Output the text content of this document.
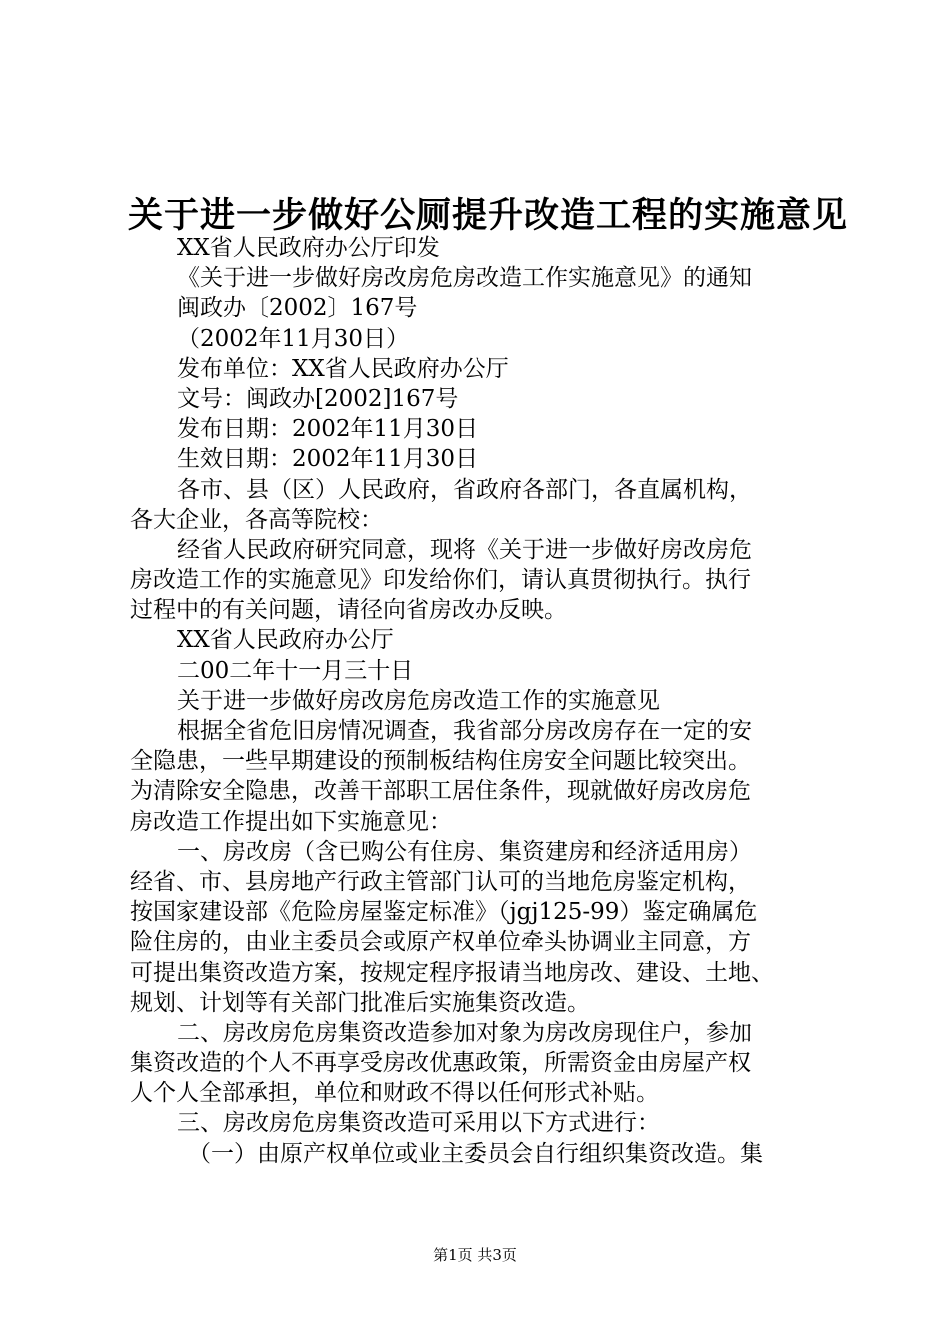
关于进一步做好公厕提升改造工程的实施意见
XX省人民政府办公厅印发
《关于进一步做好房改房危房改造工作实施意见》的通知
闽政办〔2002〕167号
（2002年11月30日）
发布单位：XX省人民政府办公厅
文号：闽政办[2002]167号
发布日期：2002年11月30日
生效日期：2002年11月30日
各市、县（区）人民政府，省政府各部门，各直属机构，
各大企业，各高等院校：
经省人民政府研究同意，现将《关于进一步做好房改房危
房改造工作的实施意见》印发给你们，请认真贯彻执行。执行
过程中的有关问题，请径向省房改办反映。
XX省人民政府办公厅
二00二年十一月三十日
关于进一步做好房改房危房改造工作的实施意见
根据全省危旧房情况调查，我省部分房改房存在一定的安
全隐患，一些早期建设的预制板结构住房安全问题比较突出。
为清除安全隐患，改善干部职工居住条件，现就做好房改房危
房改造工作提出如下实施意见：
一、房改房（含已购公有住房、集资建房和经济适用房）
经省、市、县房地产行政主管部门认可的当地危房鉴定机构，
按国家建设部《危险房屋鉴定标准》（jgj125-99）鉴定确属危
险住房的，由业主委员会或原产权单位牵头协调业主同意，方
可提出集资改造方案，按规定程序报请当地房改、建设、土地、
规划、计划等有关部门批准后实施集资改造。
二、房改房危房集资改造参加对象为房改房现住户，参加
集资改造的个人不再享受房改优惠政策，所需资金由房屋产权
人个人全部承担，单位和财政不得以任何形式补贴。
三、房改房危房集资改造可采用以下方式进行：
（一）由原产权单位或业主委员会自行组织集资改造。集
第1页 共3页
